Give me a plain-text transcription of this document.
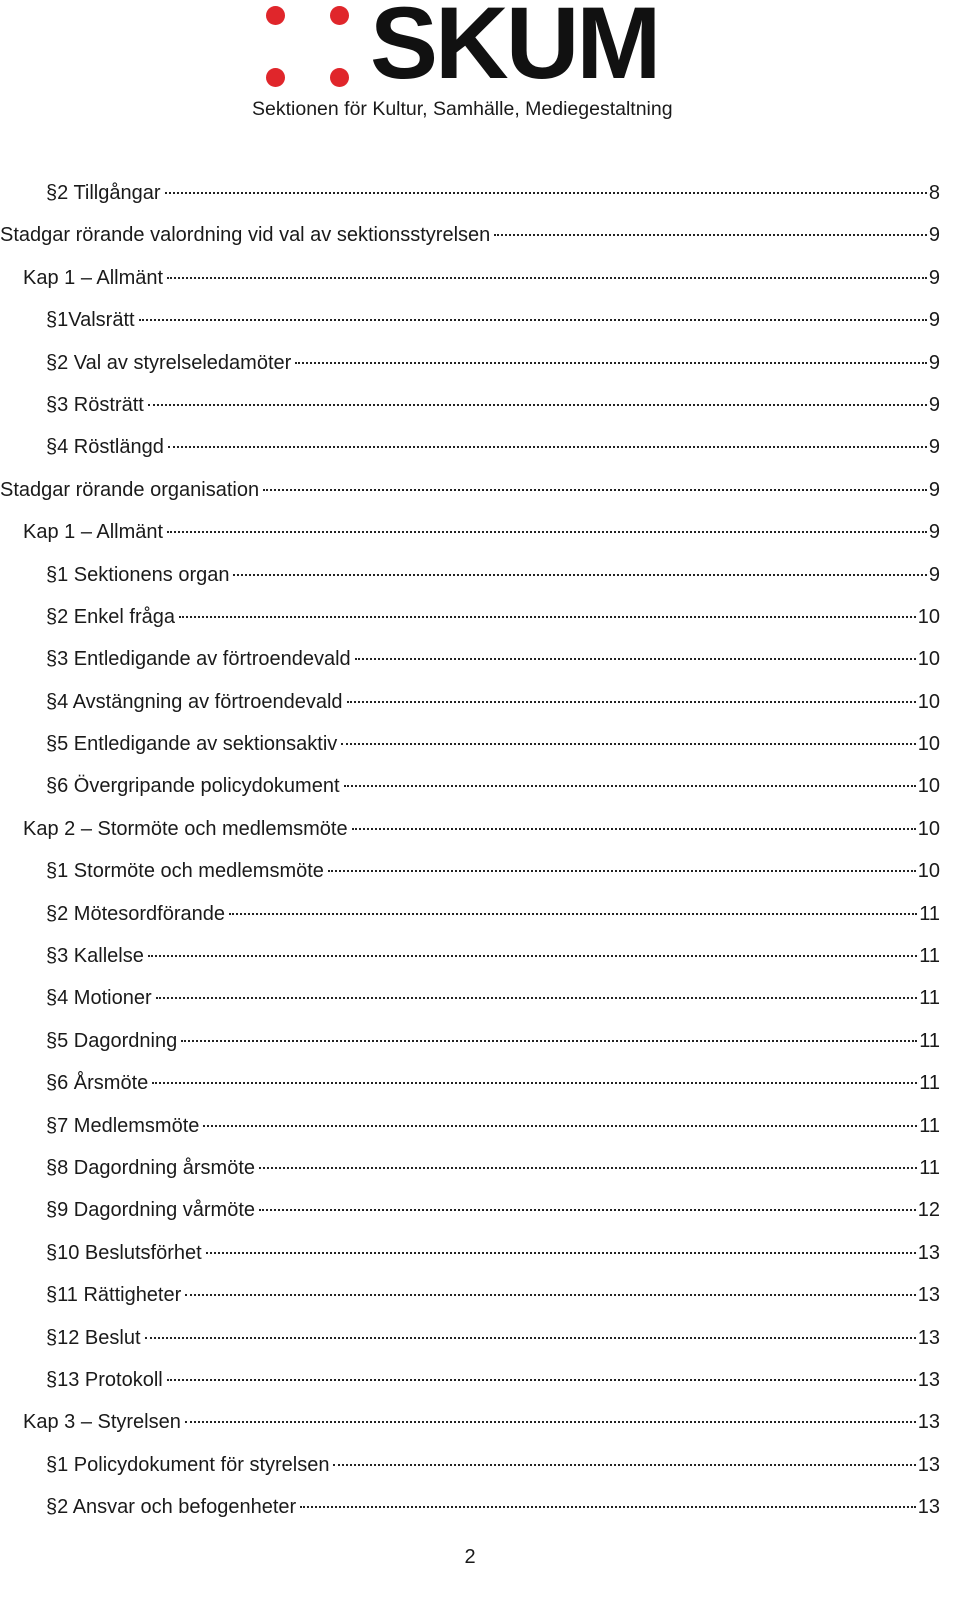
SKUM
Sektionen för Kultur, Samhälle, Mediegestaltning
§2 Tillgångar	8
Stadgar rörande valordning vid val av sektionsstyrelsen	9
Kap 1 – Allmänt	9
§1Valsrätt	9
§2 Val av styrelseledamöter	9
§3 Rösträtt	9
§4 Röstlängd	9
Stadgar rörande organisation	9
Kap 1 – Allmänt	9
§1 Sektionens organ	9
§2 Enkel fråga	10
§3 Entledigande av förtroendevald	10
§4 Avstängning av förtroendevald	10
§5 Entledigande av sektionsaktiv	10
§6 Övergripande policydokument	10
Kap 2 – Stormöte och medlemsmöte	10
§1 Stormöte och medlemsmöte	10
§2 Mötesordförande	11
§3 Kallelse	11
§4 Motioner	11
§5 Dagordning	11
§6 Årsmöte	11
§7 Medlemsmöte	11
§8 Dagordning årsmöte	11
§9 Dagordning vårmöte	12
§10 Beslutsförhet	13
§11 Rättigheter	13
§12 Beslut	13
§13 Protokoll	13
Kap 3 – Styrelsen	13
§1 Policydokument för styrelsen	13
§2 Ansvar och befogenheter	13
2
